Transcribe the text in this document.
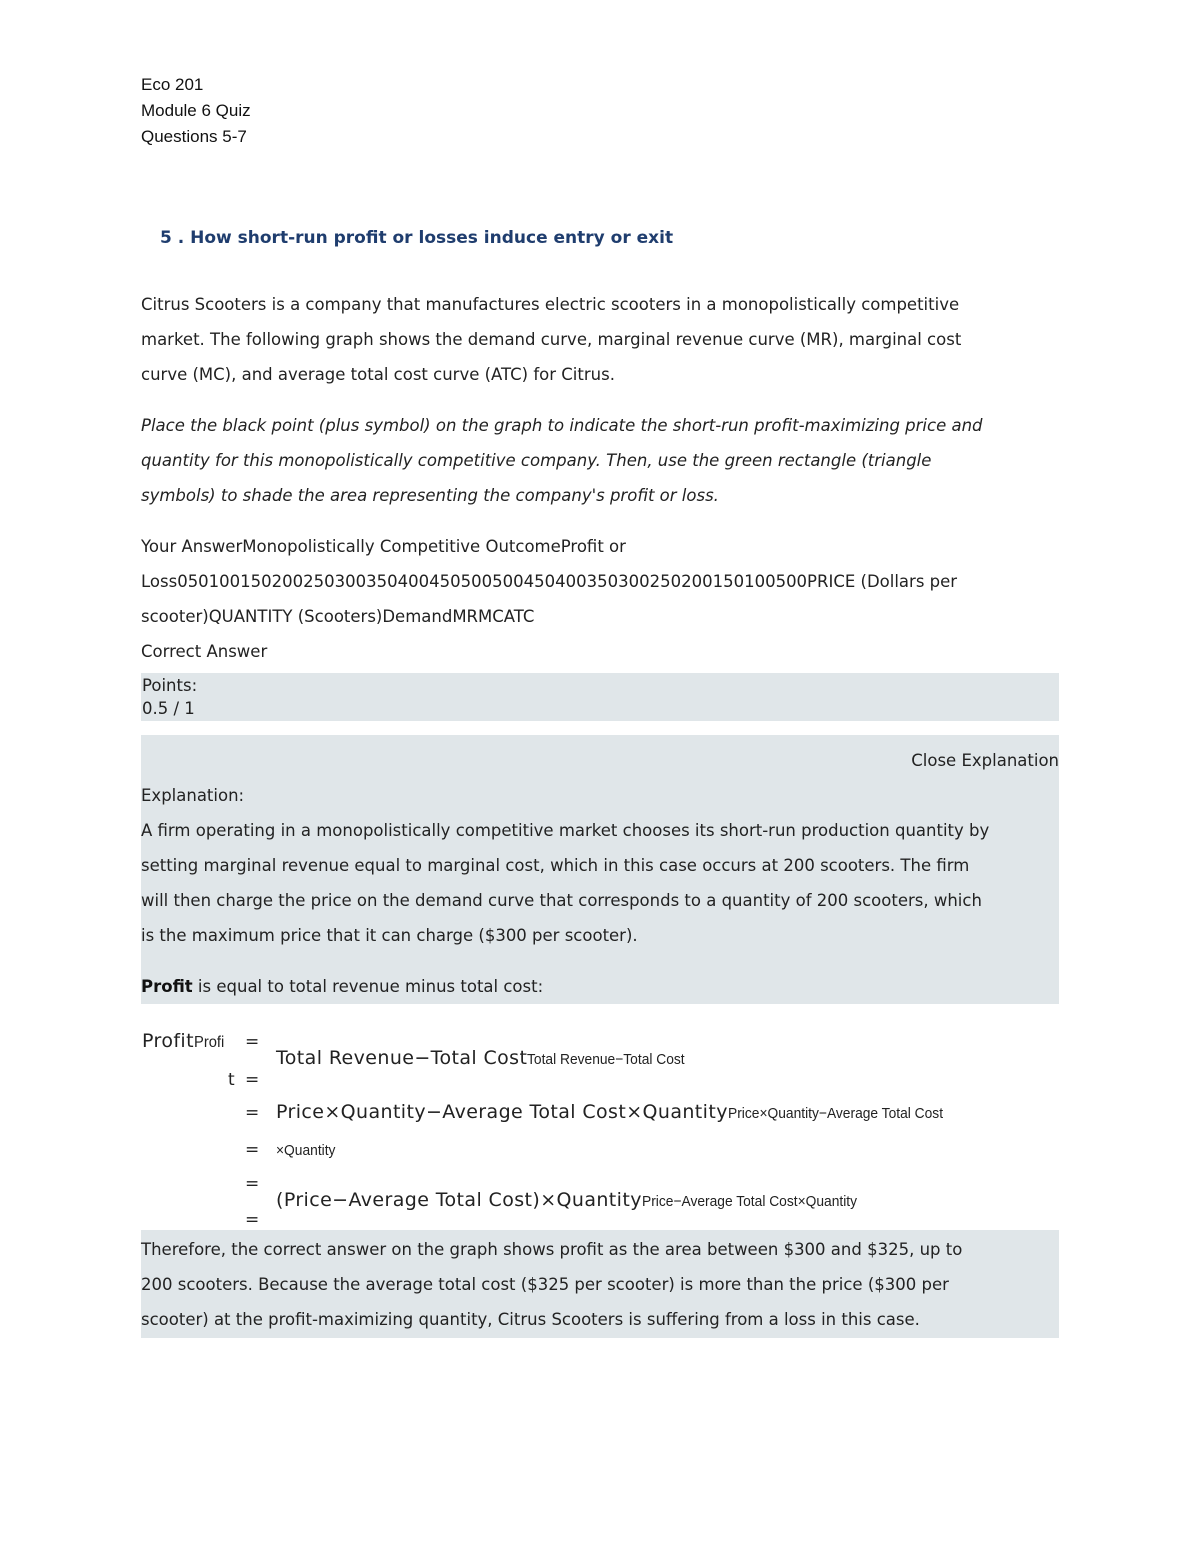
Eco 201
Module 6 Quiz
Questions 5-7
5 . How short-run profit or losses induce entry or exit
Citrus Scooters is a company that manufactures electric scooters in a monopolistically competitive
market. The following graph shows the demand curve, marginal revenue curve (MR), marginal cost
curve (MC), and average total cost curve (ATC) for Citrus.
Place the black point (plus symbol) on the graph to indicate the short-run profit-maximizing price and
quantity for this monopolistically competitive company. Then, use the green rectangle (triangle
symbols) to shade the area representing the company's profit or loss.
Your AnswerMonopolistically Competitive OutcomeProfit or
Loss05010015020025030035040045050050045040035030025020015010050​0PRICE (Dollars per
scooter)QUANTITY (Scooters)DemandMRMCATC
Correct Answer
Points:
0.5 / 1
Close Explanation
Explanation:
A firm operating in a monopolistically competitive market chooses its short-run production quantity by
setting marginal revenue equal to marginal cost, which in this case occurs at 200 scooters. The firm
will then charge the price on the demand curve that corresponds to a quantity of 200 scooters, which
is the maximum price that it can charge ($300 per scooter).
Profit is equal to total revenue minus total cost:
ProfitProfi =
t =
Total Revenue−Total CostTotal Revenue−Total Cost
= Price×Quantity−Average Total Cost×QuantityPrice×Quantity−Average Total Cost
= ×Quantity
=
(Price−Average Total Cost)×QuantityPrice−Average Total Cost×Quantity
=
Therefore, the correct answer on the graph shows profit as the area between $300 and $325, up to
200 scooters. Because the average total cost ($325 per scooter) is more than the price ($300 per
scooter) at the profit-maximizing quantity, Citrus Scooters is suffering from a loss in this case.
